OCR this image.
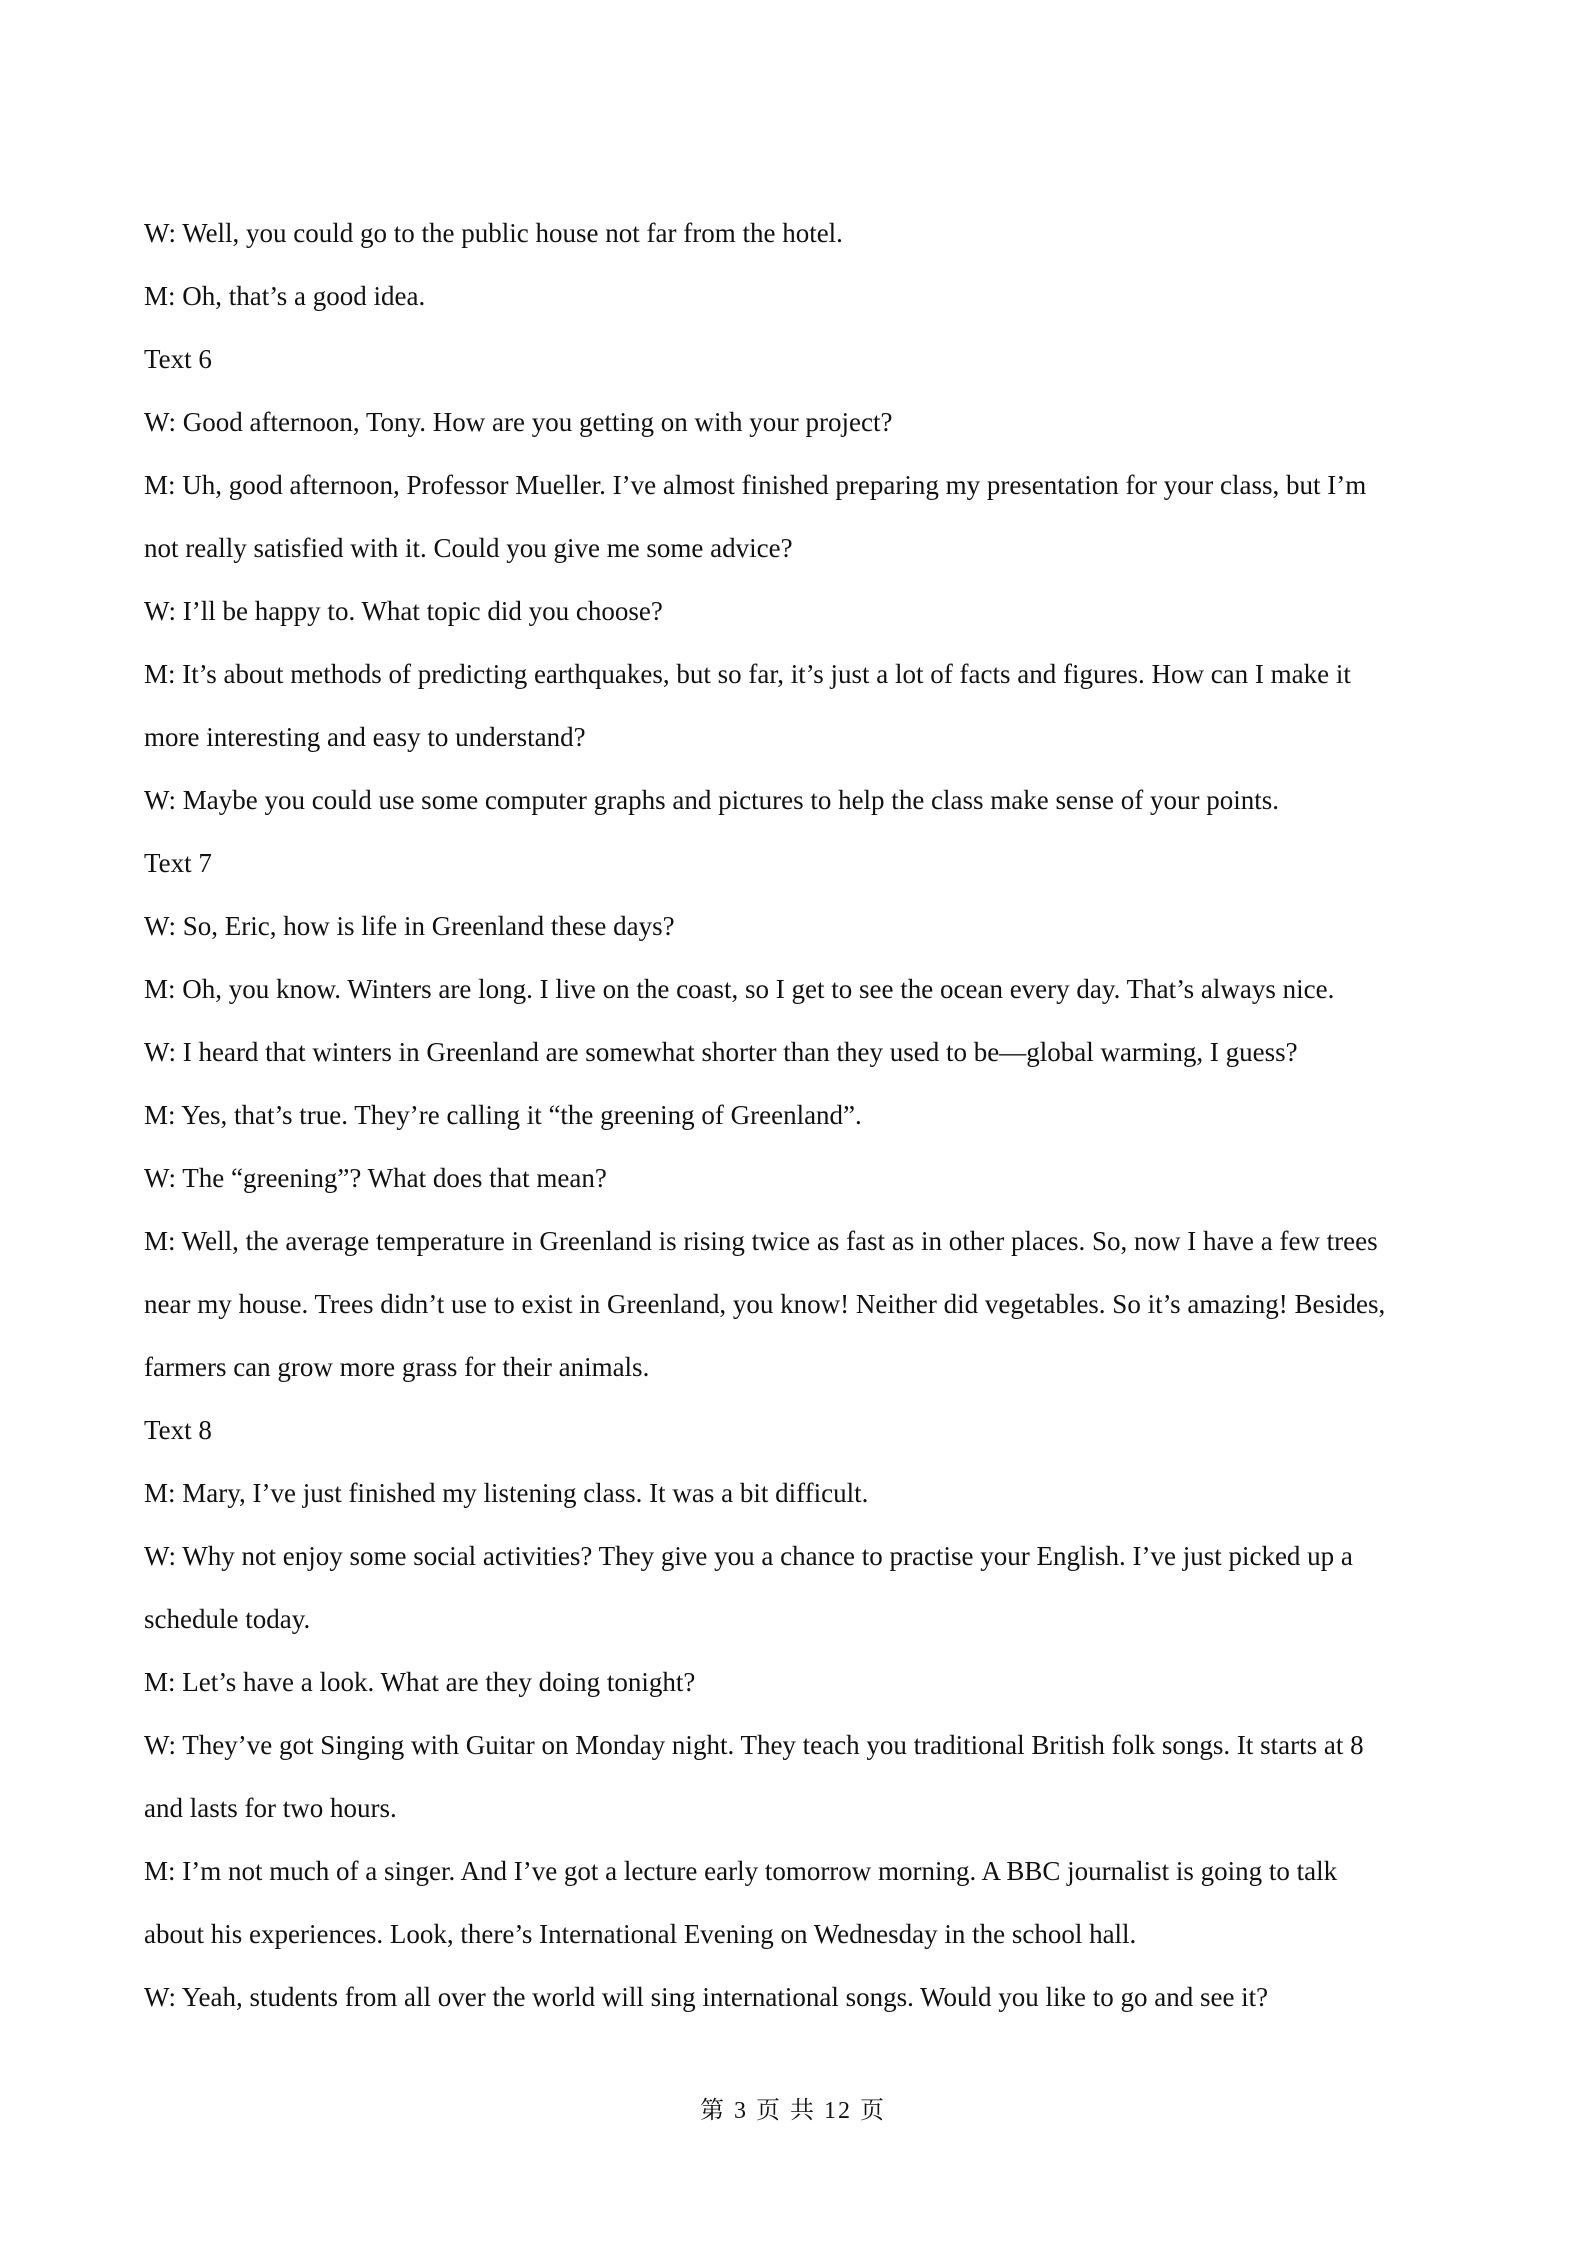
W: Well, you could go to the public house not far from the hotel.
M: Oh, that’s a good idea.
Text 6
W: Good afternoon, Tony. How are you getting on with your project?
M: Uh, good afternoon, Professor Mueller. I’ve almost finished preparing my presentation for your class, but I’m
not really satisfied with it. Could you give me some advice?
W: I’ll be happy to. What topic did you choose?
M: It’s about methods of predicting earthquakes, but so far, it’s just a lot of facts and figures. How can I make it
more interesting and easy to understand?
W: Maybe you could use some computer graphs and pictures to help the class make sense of your points.
Text 7
W: So, Eric, how is life in Greenland these days?
M: Oh, you know. Winters are long. I live on the coast, so I get to see the ocean every day. That’s always nice.
W: I heard that winters in Greenland are somewhat shorter than they used to be—global warming, I guess?
M: Yes, that’s true. They’re calling it “the greening of Greenland”.
W: The “greening”? What does that mean?
M: Well, the average temperature in Greenland is rising twice as fast as in other places. So, now I have a few trees
near my house. Trees didn’t use to exist in Greenland, you know! Neither did vegetables. So it’s amazing! Besides,
farmers can grow more grass for their animals.
Text 8
M: Mary, I’ve just finished my listening class. It was a bit difficult.
W: Why not enjoy some social activities? They give you a chance to practise your English. I’ve just picked up a
schedule today.
M: Let’s have a look. What are they doing tonight?
W: They’ve got Singing with Guitar on Monday night. They teach you traditional British folk songs. It starts at 8
and lasts for two hours.
M: I’m not much of a singer. And I’ve got a lecture early tomorrow morning. A BBC journalist is going to talk
about his experiences. Look, there’s International Evening on Wednesday in the school hall.
W: Yeah, students from all over the world will sing international songs. Would you like to go and see it?
第 3 页 共 12 页
